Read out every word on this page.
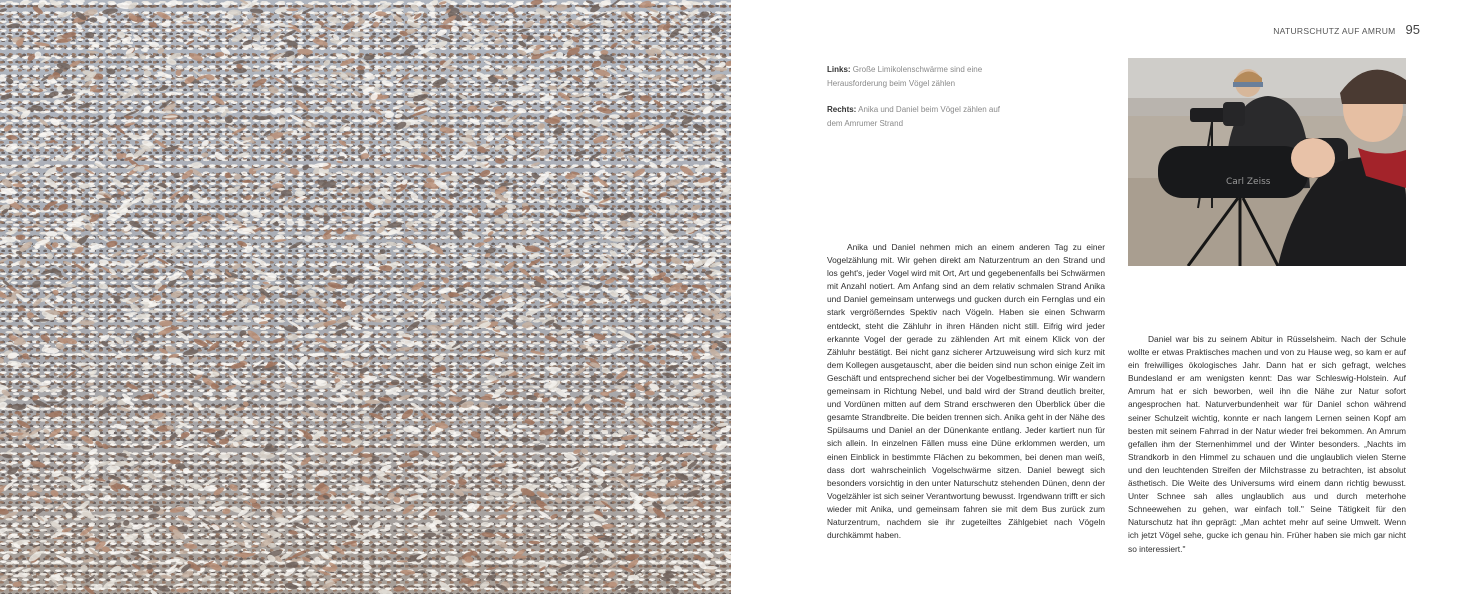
NATURSCHUTZ AUF AMRUM 95

Links: Große Limikolenschwärme sind eine Herausforderung beim Vögel zählen

Rechts: Anika und Daniel beim Vögel zählen auf dem Amrumer Strand

Carl Zeiss

Anika und Daniel nehmen mich an einem anderen Tag zu einer Vogelzählung mit. Wir gehen direkt am Naturzentrum an den Strand und los geht's, jeder Vogel wird mit Ort, Art und gegebenenfalls bei Schwärmen mit Anzahl notiert. Am Anfang sind an dem relativ schmalen Strand Anika und Daniel gemeinsam unterwegs und gucken durch ein Fernglas und ein stark vergrößerndes Spektiv nach Vögeln. Haben sie einen Schwarm entdeckt, steht die Zähluhr in ihren Händen nicht still. Eifrig wird jeder erkannte Vogel der gerade zu zählenden Art mit einem Klick von der Zähluhr bestätigt. Bei nicht ganz sicherer Artzuweisung wird sich kurz mit dem Kollegen ausgetauscht, aber die beiden sind nun schon einige Zeit im Geschäft und entsprechend sicher bei der Vogelbestimmung. Wir wandern gemeinsam in Richtung Nebel, und bald wird der Strand deutlich breiter, und Vordünen mitten auf dem Strand erschweren den Überblick über die gesamte Strandbreite. Die beiden trennen sich. Anika geht in der Nähe des Spülsaums und Daniel an der Dünenkante entlang. Jeder kartiert nun für sich allein. In einzelnen Fällen muss eine Düne erklommen werden, um einen Einblick in bestimmte Flächen zu bekommen, bei denen man weiß, dass dort wahrscheinlich Vogelschwärme sitzen. Daniel bewegt sich besonders vorsichtig in den unter Naturschutz stehenden Dünen, denn der Vogelzähler ist sich seiner Verantwortung bewusst. Irgendwann trifft er sich wieder mit Anika, und gemeinsam fahren sie mit dem Bus zurück zum Naturzentrum, nachdem sie ihr zugeteiltes Zählgebiet nach Vögeln durchkämmt haben.

Daniel war bis zu seinem Abitur in Rüsselsheim. Nach der Schule wollte er etwas Praktisches machen und von zu Hause weg, so kam er auf ein freiwilliges ökologisches Jahr. Dann hat er sich gefragt, welches Bundesland er am wenigsten kennt: Das war Schleswig-Holstein. Auf Amrum hat er sich beworben, weil ihn die Nähe zur Natur sofort angesprochen hat. Naturverbundenheit war für Daniel schon während seiner Schulzeit wichtig, konnte er nach langem Lernen seinen Kopf am besten mit seinem Fahrrad in der Natur wieder frei bekommen. An Amrum gefallen ihm der Sternenhimmel und der Winter besonders. „Nachts im Strandkorb in den Himmel zu schauen und die unglaublich vielen Sterne und den leuchtenden Streifen der Milchstrasse zu betrachten, ist absolut ästhetisch. Die Weite des Universums wird einem dann richtig bewusst. Unter Schnee sah alles unglaublich aus und durch meterhohe Schneewehen zu gehen, war einfach toll." Seine Tätigkeit für den Naturschutz hat ihn geprägt: „Man achtet mehr auf seine Umwelt. Wenn ich jetzt Vögel sehe, gucke ich genau hin. Früher haben sie mich gar nicht so interessiert."
